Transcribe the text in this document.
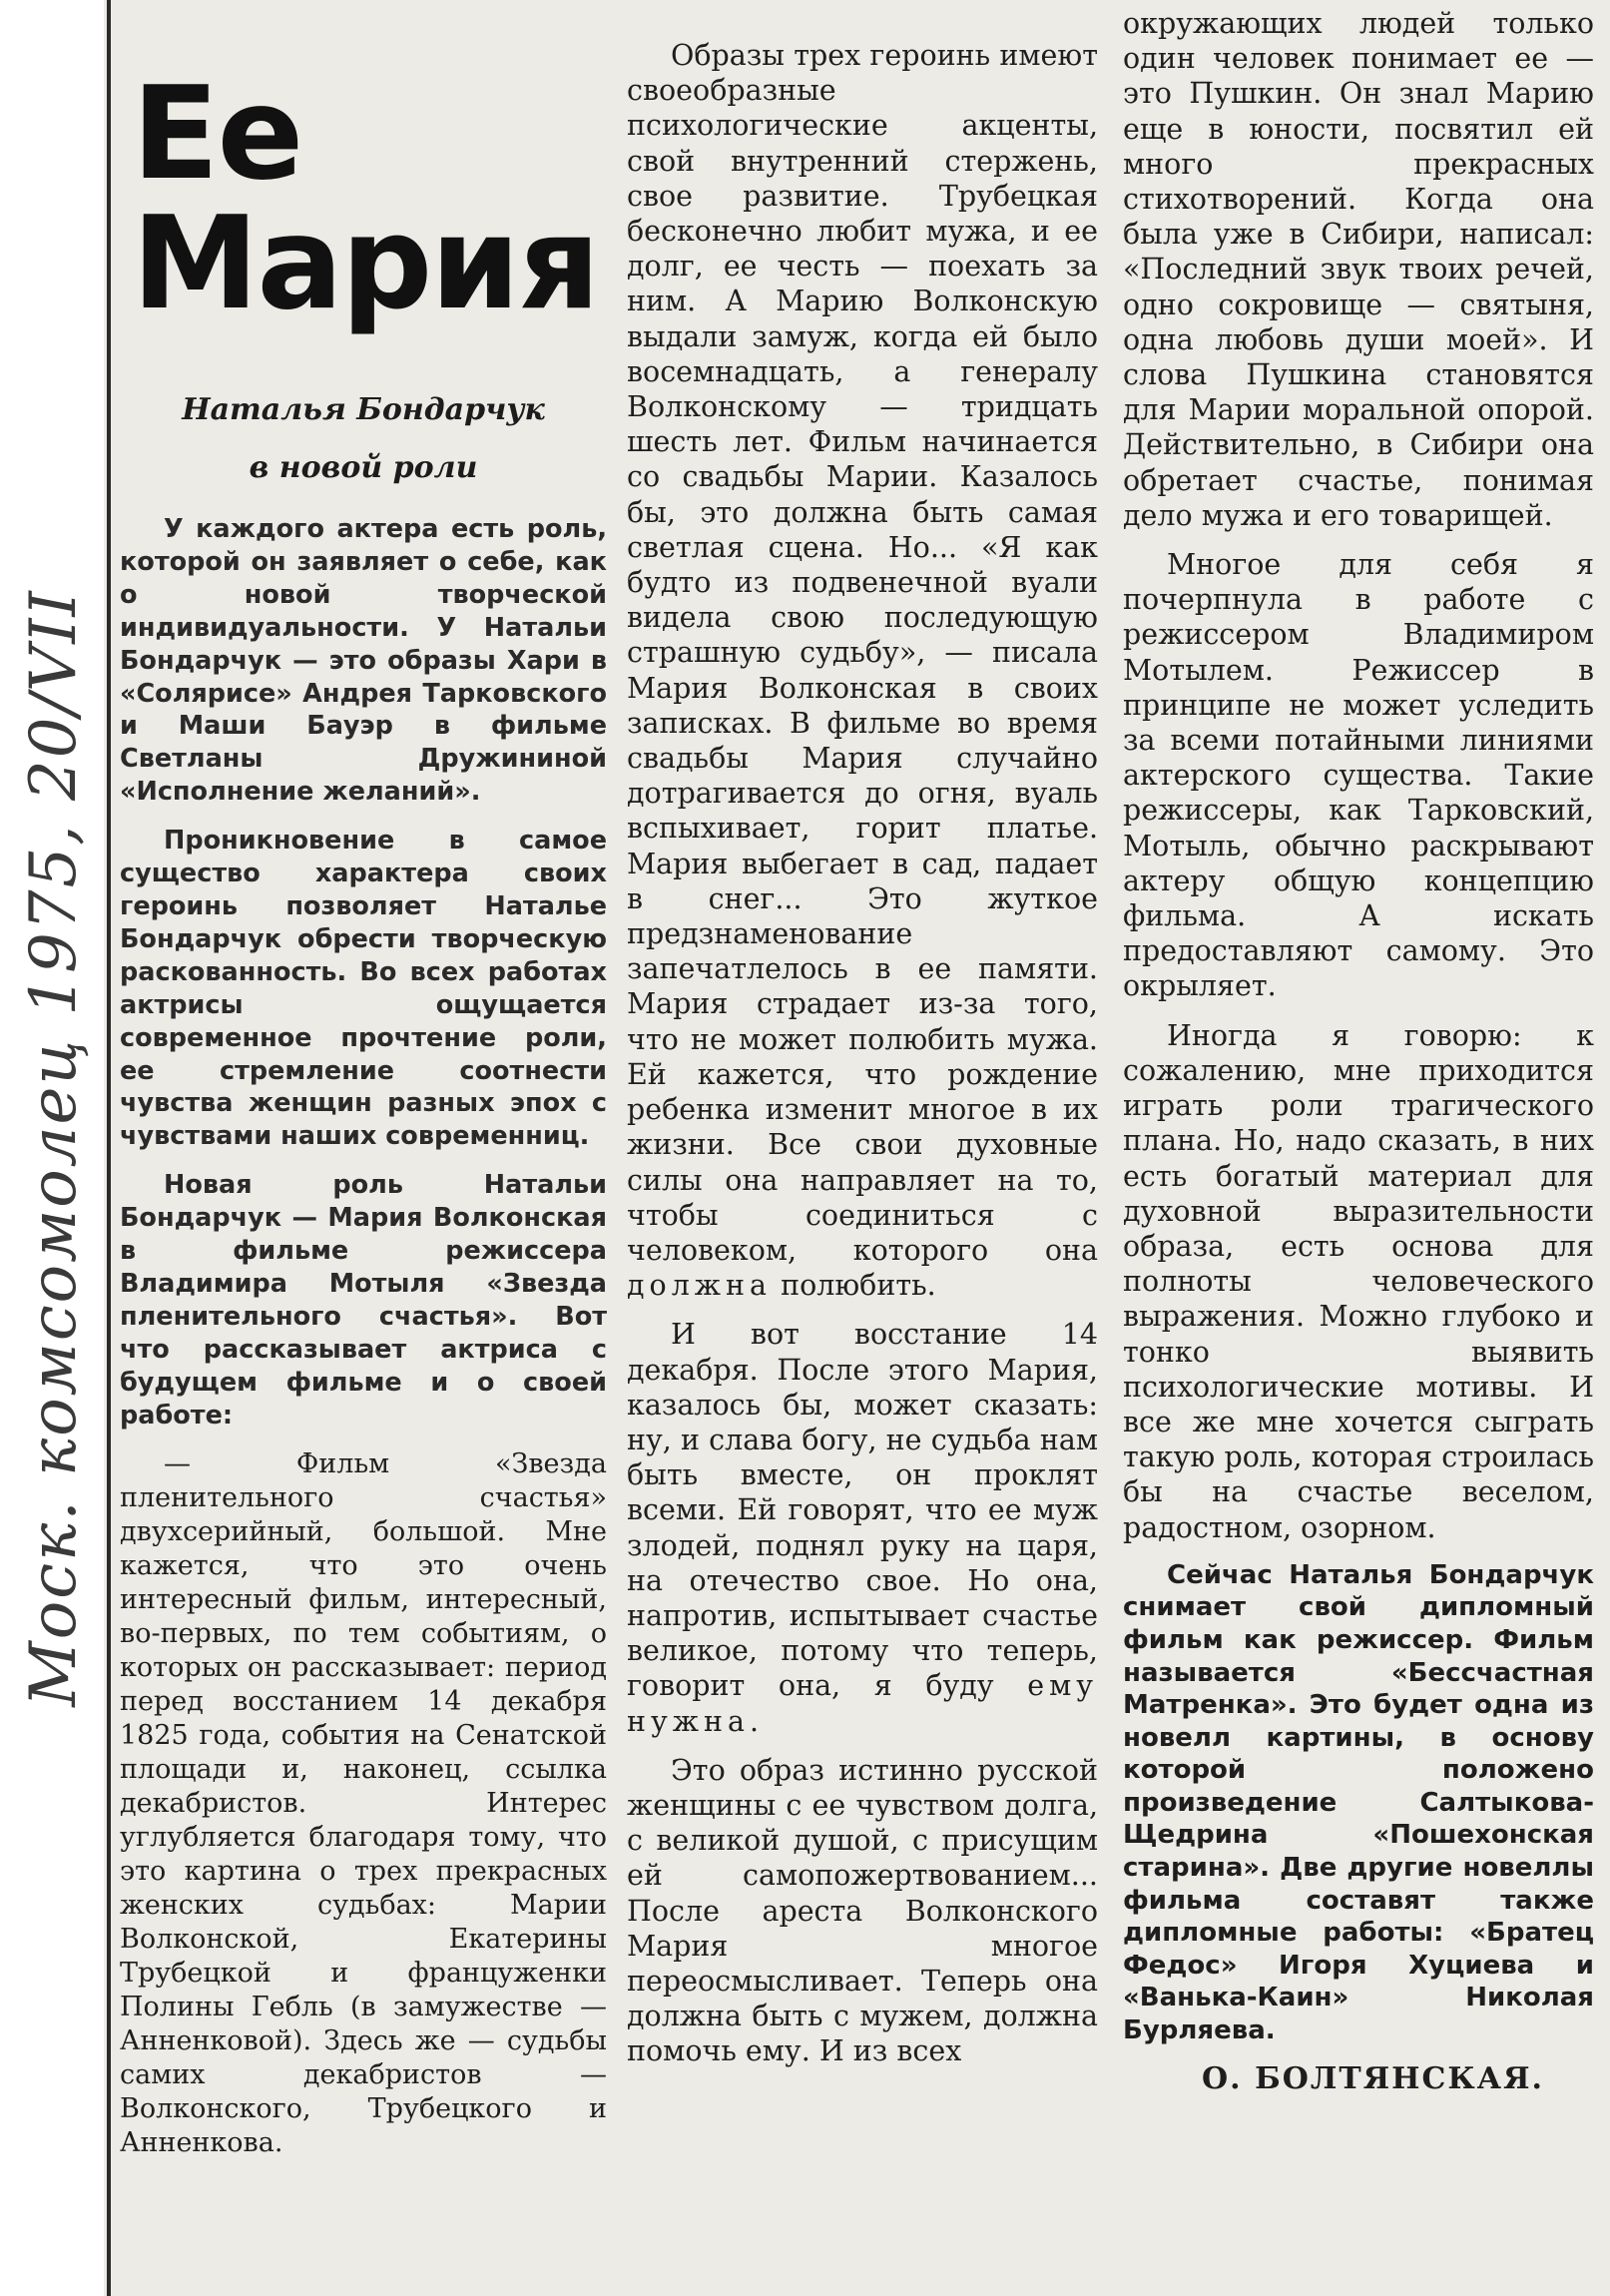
Моск. комсомолец 1975, 20/VII
Ее Мария
Наталья Бондарчук
в новой роли

У каждого актера есть роль, которой он заявляет о себе, как о новой творческой индивидуальности. У Натальи Бондарчук — это образы Хари в «Солярисе» Андрея Тарковского и Маши Бауэр в фильме Светланы Дружининой «Исполнение желаний».

Проникновение в самое существо характера своих героинь позволяет Наталье Бондарчук обрести творческую раскованность. Во всех работах актрисы ощущается современное прочтение роли, ее стремление соотнести чувства женщин разных эпох с чувствами наших современниц.

Новая роль Натальи Бондарчук — Мария Волконская в фильме режиссера Владимира Мотыля «Звезда пленительного счастья». Вот что рассказывает актриса с будущем фильме и о своей работе:

— Фильм «Звезда пленительного счастья» двухсерийный, большой. Мне кажется, что это очень интересный фильм, интересный, во-первых, по тем событиям, о которых он рассказывает: период перед восстанием 14 декабря 1825 года, события на Сенатской площади и, наконец, ссылка декабристов. Интерес углубляется благодаря тому, что это картина о трех прекрасных женских судьбах: Марии Волконской, Екатерины Трубецкой и француженки Полины Гебль (в замужестве — Анненковой). Здесь же — судьбы самих декабристов — Волконского, Трубецкого и Анненкова.

Образы трех героинь имеют своеобразные психологические акценты, свой внутренний стержень, свое развитие. Трубецкая бесконечно любит мужа, и ее долг, ее честь — поехать за ним. А Марию Волконскую выдали замуж, когда ей было восемнадцать, а генералу Волконскому — тридцать шесть лет. Фильм начинается со свадьбы Марии. Казалось бы, это должна быть самая светлая сцена. Но... «Я как будто из подвенечной вуали видела свою последующую страшную судьбу», — писала Мария Волконская в своих записках. В фильме во время свадьбы Мария случайно дотрагивается до огня, вуаль вспыхивает, горит платье. Мария выбегает в сад, падает в снег... Это жуткое предзнаменование запечатлелось в ее памяти. Мария страдает из-за того, что не может полюбить мужа. Ей кажется, что рождение ребенка изменит многое в их жизни. Все свои духовные силы она направляет на то, чтобы соединиться с человеком, которого она должна полюбить.

И вот восстание 14 декабря. После этого Мария, казалось бы, может сказать: ну, и слава богу, не судьба нам быть вместе, он проклят всеми. Ей говорят, что ее муж злодей, поднял руку на царя, на отечество свое. Но она, напротив, испытывает счастье великое, потому что теперь, говорит она, я буду ему нужна.

Это образ истинно русской женщины с ее чувством долга, с великой душой, с присущим ей самопожертвованием... После ареста Волконского Мария многое переосмысливает. Теперь она должна быть с мужем, должна помочь ему. И из всех

окружающих людей только один человек понимает ее — это Пушкин. Он знал Марию еще в юности, посвятил ей много прекрасных стихотворений. Когда она была уже в Сибири, написал: «Последний звук твоих речей, одно сокровище — святыня, одна любовь души моей». И слова Пушкина становятся для Марии моральной опорой. Действительно, в Сибири она обретает счастье, понимая дело мужа и его товарищей.

Многое для себя я почерпнула в работе с режиссером Владимиром Мотылем. Режиссер в принципе не может уследить за всеми потайными линиями актерского существа. Такие режиссеры, как Тарковский, Мотыль, обычно раскрывают актеру общую концепцию фильма. А искать предоставляют самому. Это окрыляет.

Иногда я говорю: к сожалению, мне приходится играть роли трагического плана. Но, надо сказать, в них есть богатый материал для духовной выразительности образа, есть основа для полноты человеческого выражения. Можно глубоко и тонко выявить психологические мотивы. И все же мне хочется сыграть такую роль, которая строилась бы на счастье веселом, радостном, озорном.

Сейчас Наталья Бондарчук снимает свой дипломный фильм как режиссер. Фильм называется «Бессчастная Матренка». Это будет одна из новелл картины, в основу которой положено произведение Салтыкова-Щедрина «Пошехонская старина». Две другие новеллы фильма составят также дипломные работы: «Братец Федос» Игоря Хуциева и «Ванька-Каин» Николая Бурляева.

О. БОЛТЯНСКАЯ.
